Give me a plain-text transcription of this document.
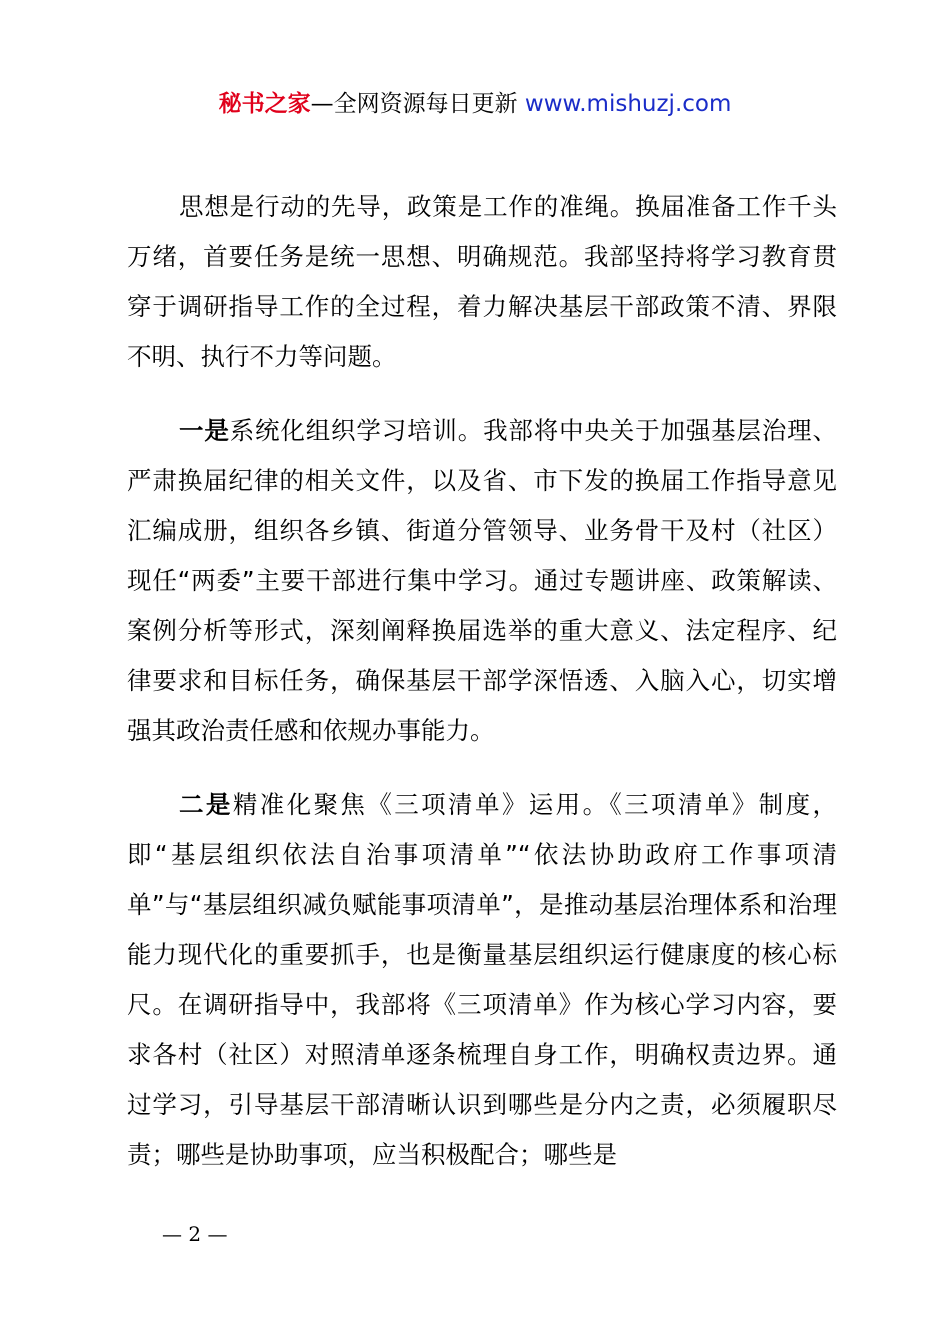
秘书之家—全网资源每日更新 www.mishuzj.com

思想是行动的先导，政策是工作的准绳。换届准备工作千头万绪，首要任务是统一思想、明确规范。我部坚持将学习教育贯穿于调研指导工作的全过程，着力解决基层干部政策不清、界限不明、执行不力等问题。

一是系统化组织学习培训。我部将中央关于加强基层治理、严肃换届纪律的相关文件，以及省、市下发的换届工作指导意见汇编成册，组织各乡镇、街道分管领导、业务骨干及村（社区）现任“两委”主要干部进行集中学习。通过专题讲座、政策解读、案例分析等形式，深刻阐释换届选举的重大意义、法定程序、纪律要求和目标任务，确保基层干部学深悟透、入脑入心，切实增强其政治责任感和依规办事能力。

二是精准化聚焦《三项清单》运用。《三项清单》制度，即“基层组织依法自治事项清单”“依法协助政府工作事项清单”与“基层组织减负赋能事项清单”，是推动基层治理体系和治理能力现代化的重要抓手，也是衡量基层组织运行健康度的核心标尺。在调研指导中，我部将《三项清单》作为核心学习内容，要求各村（社区）对照清单逐条梳理自身工作，明确权责边界。通过学习，引导基层干部清晰认识到哪些是分内之责，必须履职尽责；哪些是协助事项，应当积极配合；哪些是

— 2 —
